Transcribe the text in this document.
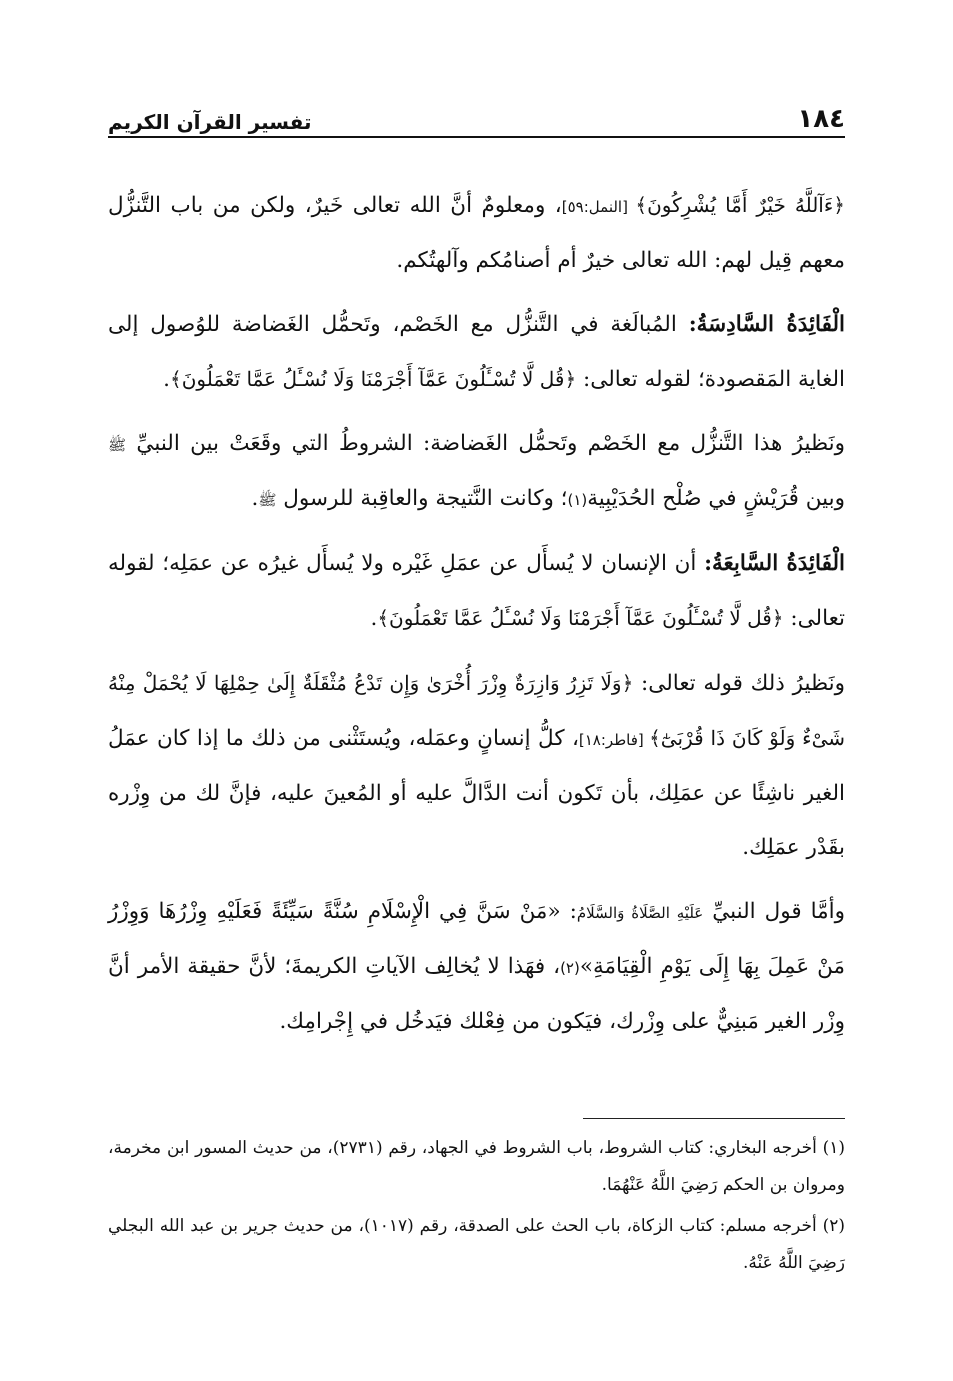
١٨٤
تفسير القرآن الكريم

﴿ءَآللَّهُ خَيْرٌ أَمَّا يُشْرِكُونَ﴾ [النمل:٥٩]، ومعلومٌ أنَّ الله تعالى خَيرٌ، ولكن من باب التَّنزُّل معهم قِيل لهم: الله تعالى خيرٌ أم أصنامُكم وآلهتُكم.

الْفَائِدَةُ السَّادِسَةُ: المُبالَغة في التَّنزُّل مع الخَصْم، وتَحمُّل الغَضاضة للوُصول إلى الغاية المَقصودة؛ لقوله تعالى: ﴿قُل لَّا تُسْـَٔلُونَ عَمَّآ أَجْرَمْنَا وَلَا نُسْـَٔلُ عَمَّا تَعْمَلُونَ﴾.

ونَظيرُ هذا التَّنزُّل مع الخَصْم وتَحمُّل الغَضاضة: الشروطُ التي وقَعَتْ بين النبيِّ ﷺ وبين قُرَيْشٍ في صُلْح الحُدَيْبِية(١)؛ وكانت النَّتيجة والعاقِبة للرسول ﷺ.

الْفَائِدَةُ السَّابِعَةُ: أن الإنسان لا يُسأَل عن عمَلِ غَيْره ولا يُسأَل غيرُه عن عمَلِه؛ لقوله تعالى: ﴿قُل لَّا تُسْـَٔلُونَ عَمَّآ أَجْرَمْنَا وَلَا نُسْـَٔلُ عَمَّا تَعْمَلُونَ﴾.

ونَظيرُ ذلك قوله تعالى: ﴿وَلَا تَزِرُ وَازِرَةٌ وِزْرَ أُخْرَىٰ وَإِن تَدْعُ مُثْقَلَةٌ إِلَىٰ حِمْلِهَا لَا يُحْمَلْ مِنْهُ شَىْءٌ وَلَوْ كَانَ ذَا قُرْبَىٰٓ﴾ [فاطر:١٨]، كلُّ إنسانٍ وعمَله، ويُستَثْنى من ذلك ما إذا كان عمَلُ الغير ناشِئًا عن عمَلِك، بأن تَكون أنت الدَّالَّ عليه أو المُعينَ عليه، فإنَّ لك من وِزْره بقَدْر عمَلِك.

وأمَّا قول النبيِّ عَلَيْهِ الصَّلَاةُ وَالسَّلَامُ: «مَنْ سَنَّ فِي الْإِسْلَامِ سُنَّةً سَيِّئَةً فَعَلَيْهِ وِزْرُهَا وَوِزْرُ مَنْ عَمِلَ بِهَا إِلَى يَوْمِ الْقِيَامَةِ»(٢)، فهَذا لا يُخالِف الآياتِ الكريمةَ؛ لأنَّ حقيقة الأمر أنَّ وِزْر الغير مَبنِيٌّ على وِزْرك، فيَكون من فِعْلك فيَدخُل في إِجْرامِك.

(١) أخرجه البخاري: كتاب الشروط، باب الشروط في الجهاد، رقم (٢٧٣١)، من حديث المسور ابن مخرمة، ومروان بن الحكم رَضِيَ اللَّهُ عَنْهُمَا.

(٢) أخرجه مسلم: كتاب الزكاة، باب الحث على الصدقة، رقم (١٠١٧)، من حديث جرير بن عبد الله البجلي رَضِيَ اللَّهُ عَنْهُ.
